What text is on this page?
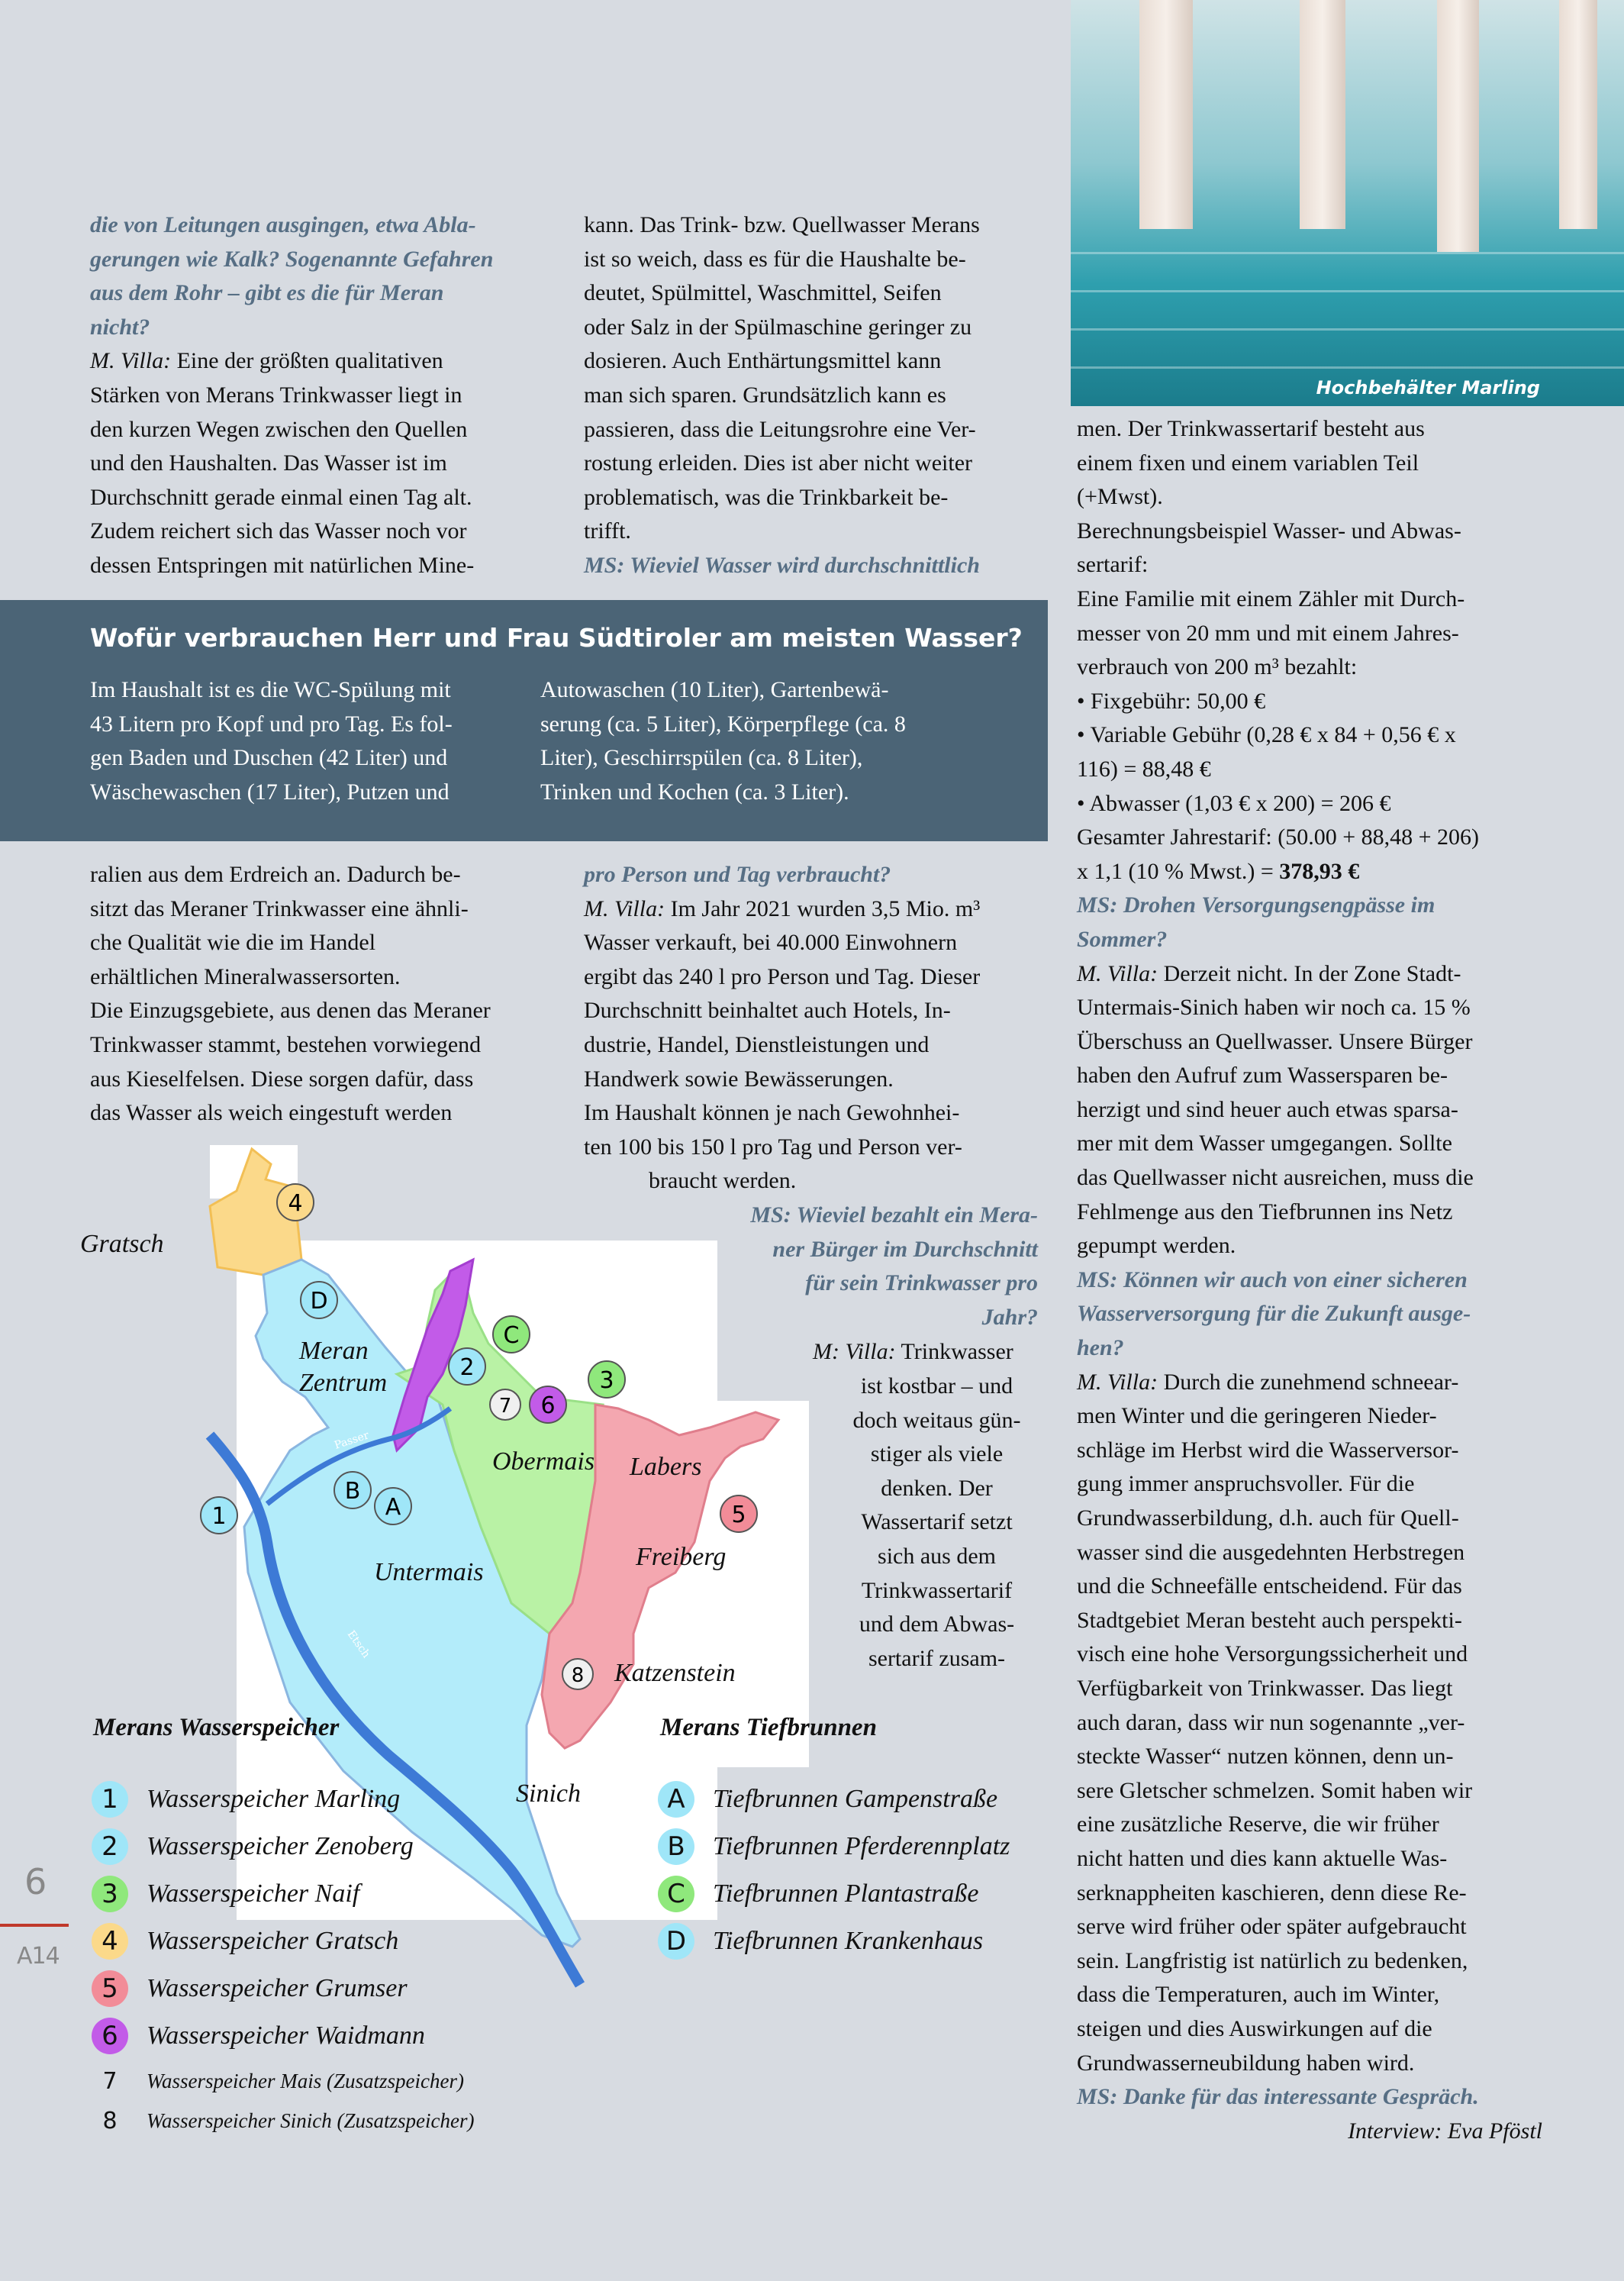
Hochbehälter Marling
die von Leitungen ausgingen, etwa Abla-
gerungen wie Kalk? Sogenannte Gefahren
aus dem Rohr – gibt es die für Meran
nicht?
M. Villa: Eine der größten qualitativen
Stärken von Merans Trinkwasser liegt in
den kurzen Wegen zwischen den Quellen
und den Haushalten. Das Wasser ist im
Durchschnitt gerade einmal einen Tag alt.
Zudem reichert sich das Wasser noch vor
dessen Entspringen mit natürlichen Mine-
kann. Das Trink- bzw. Quellwasser Merans
ist so weich, dass es für die Haushalte be-
deutet, Spülmittel, Waschmittel, Seifen
oder Salz in der Spülmaschine geringer zu
dosieren. Auch Enthärtungsmittel kann
man sich sparen. Grundsätzlich kann es
passieren, dass die Leitungsrohre eine Ver-
rostung erleiden. Dies ist aber nicht weiter
problematisch, was die Trinkbarkeit be-
trifft.
MS: Wieviel Wasser wird durchschnittlich
Wofür verbrauchen Herr und Frau Südtiroler am meisten Wasser?
Im Haushalt ist es die WC-Spülung mit
43 Litern pro Kopf und pro Tag. Es fol-
gen Baden und Duschen (42 Liter) und
Wäschewaschen (17 Liter), Putzen und
Autowaschen (10 Liter), Gartenbewä-
serung (ca. 5 Liter), Körperpflege (ca. 8
Liter), Geschirrspülen (ca. 8 Liter),
Trinken und Kochen (ca. 3 Liter).
ralien aus dem Erdreich an. Dadurch be-
sitzt das Meraner Trinkwasser eine ähnli-
che Qualität wie die im Handel
erhältlichen Mineralwassersorten.
Die Einzugsgebiete, aus denen das Meraner
Trinkwasser stammt, bestehen vorwiegend
aus Kieselfelsen. Diese sorgen dafür, dass
das Wasser als weich eingestuft werden
pro Person und Tag verbraucht?
M. Villa: Im Jahr 2021 wurden 3,5 Mio. m³
Wasser verkauft, bei 40.000 Einwohnern
ergibt das 240 l pro Person und Tag. Dieser
Durchschnitt beinhaltet auch Hotels, In-
dustrie, Handel, Dienstleistungen und
Handwerk sowie Bewässerungen.
Im Haushalt können je nach Gewohnhei-
ten 100 bis 150 l pro Tag und Person ver-
braucht werden.
MS: Wieviel bezahlt ein Mera-
ner Bürger im Durchschnitt
für sein Trinkwasser pro
Jahr?
M: Villa: Trinkwasser
ist kostbar – und
doch weitaus gün-
stiger als viele
denken. Der
Wassertarif setzt
sich aus dem
Trinkwassertarif
und dem Abwas-
sertarif zusam-
men. Der Trinkwassertarif besteht aus
einem fixen und einem variablen Teil
(+Mwst).
Berechnungsbeispiel Wasser- und Abwas-
sertarif:
Eine Familie mit einem Zähler mit Durch-
messer von 20 mm und mit einem Jahres-
verbrauch von 200 m³ bezahlt:
• Fixgebühr: 50,00 €
• Variable Gebühr (0,28 € x 84 + 0,56 € x
116) = 88,48 €
• Abwasser (1,03 € x 200) = 206 €
Gesamter Jahrestarif: (50.00 + 88,48 + 206)
x 1,1 (10 % Mwst.) = 378,93 €
MS: Drohen Versorgungsengpässe im
Sommer?
M. Villa: Derzeit nicht. In der Zone Stadt-
Untermais-Sinich haben wir noch ca. 15 %
Überschuss an Quellwasser. Unsere Bürger
haben den Aufruf zum Wassersparen be-
herzigt und sind heuer auch etwas sparsa-
mer mit dem Wasser umgegangen. Sollte
das Quellwasser nicht ausreichen, muss die
Fehlmenge aus den Tiefbrunnen ins Netz
gepumpt werden.
MS: Können wir auch von einer sicheren
Wasserversorgung für die Zukunft ausge-
hen?
M. Villa: Durch die zunehmend schneear-
men Winter und die geringeren Nieder-
schläge im Herbst wird die Wasserversor-
gung immer anspruchsvoller. Für die
Grundwasserbildung, d.h. auch für Quell-
wasser sind die ausgedehnten Herbstregen
und die Schneefälle entscheidend. Für das
Stadtgebiet Meran besteht auch perspekti-
visch eine hohe Versorgungssicherheit und
Verfügbarkeit von Trinkwasser. Das liegt
auch daran, dass wir nun sogenannte „ver-
steckte Wasser“ nutzen können, denn un-
sere Gletscher schmelzen. Somit haben wir
eine zusätzliche Reserve, die wir früher
nicht hatten und dies kann aktuelle Was-
serknappheiten kaschieren, denn diese Re-
serve wird früher oder später aufgebraucht
sein. Langfristig ist natürlich zu bedenken,
dass die Temperaturen, auch im Winter,
steigen und dies Auswirkungen auf die
Grundwasserneubildung haben wird.
MS: Danke für das interessante Gespräch.
Interview: Eva Pföstl
Passer
Etsch
Gratsch
Meran
Zentrum
Obermais Labers
Freiberg
Untermais
Katzenstein
Sinich
4
D
C
2	3
7 6
B
A
1	5
8
Merans Wasserspeicher
1	Wasserspeicher Marling
2	Wasserspeicher Zenoberg
3	Wasserspeicher Naif
4	Wasserspeicher Gratsch
5	Wasserspeicher Grumser
6	Wasserspeicher Waidmann
7	Wasserspeicher Mais (Zusatzspeicher)
8	Wasserspeicher Sinich (Zusatzspeicher)
Merans Tiefbrunnen
A	Tiefbrunnen Gampenstraße
B	Tiefbrunnen Pferderennplatz
C	Tiefbrunnen Plantastraße
D	Tiefbrunnen Krankenhaus
6
A14
